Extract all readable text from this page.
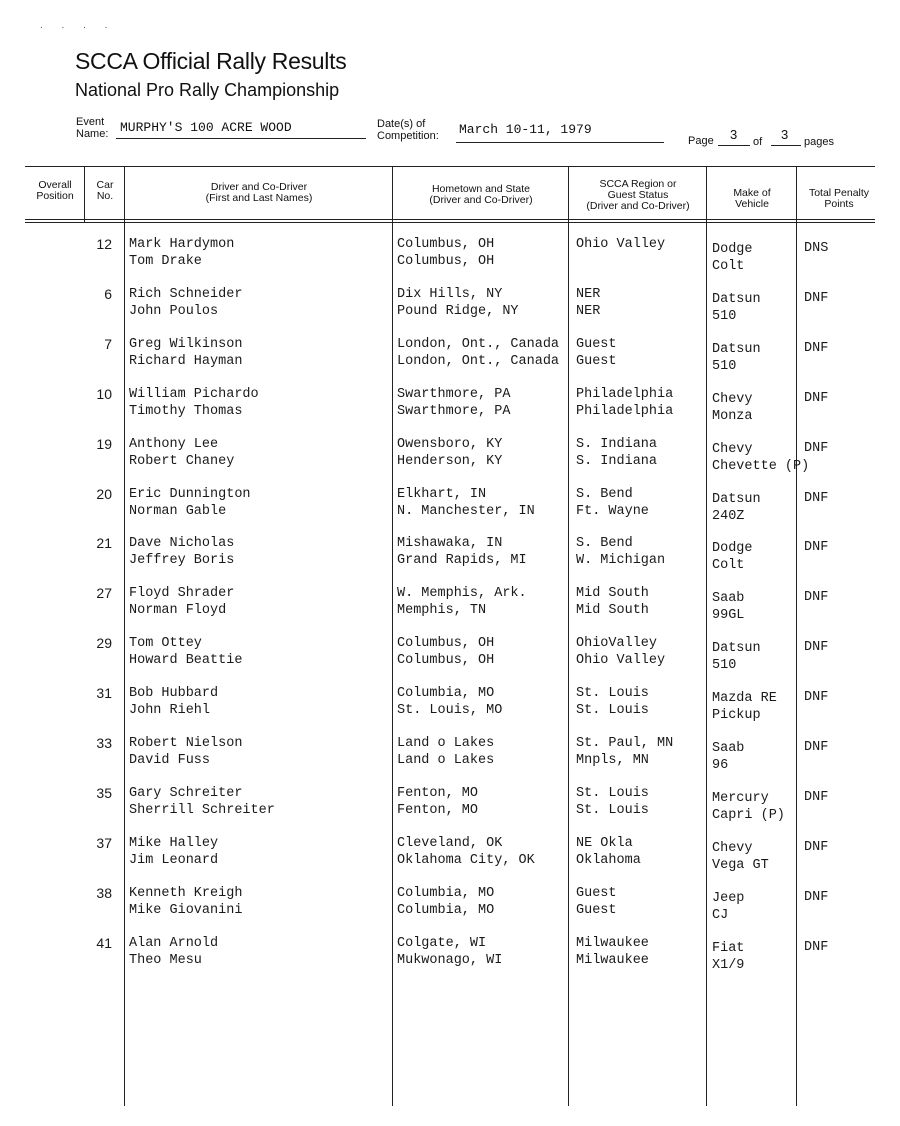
. . . .
SCCA Official Rally Results
National Pro Rally Championship
Event
Name: MURPHY'S 100 ACRE WOOD	Date(s) of
Competition: March 10-11, 1979
Page 3 of 3 pages
Overall
Position
Car
No.
Driver and Co-Driver
(First and Last Names)
Hometown and State
(Driver and Co-Driver)
SCCA Region or
Guest Status
(Driver and Co-Driver)
Make of
Vehicle
Total Penalty
Points
12 Mark Hardymon
Tom Drake
Columbus, OH
Columbus, OH
Ohio Valley	Dodge
Colt
DNS
6 Rich Schneider
John Poulos
Dix Hills, NY
Pound Ridge, NY
NER
NER
Datsun
510
DNF
7 Greg Wilkinson
Richard Hayman
London, Ont., Canada
London, Ont., Canada
Guest
Guest
Datsun
510
DNF
10 William Pichardo
Timothy Thomas
Swarthmore, PA
Swarthmore, PA
Philadelphia
Philadelphia
Chevy
Monza
DNF
19 Anthony Lee
Robert Chaney
Owensboro, KY
Henderson, KY
S. Indiana
S. Indiana
Chevy
Chevette (P)
DNF
20 Eric Dunnington
Norman Gable
Elkhart, IN
N. Manchester, IN
S. Bend
Ft. Wayne
Datsun
240Z
DNF
21 Dave Nicholas
Jeffrey Boris
Mishawaka, IN
Grand Rapids, MI
S. Bend
W. Michigan
Dodge
Colt
DNF
27 Floyd Shrader
Norman Floyd
W. Memphis, Ark.
Memphis, TN
Mid South
Mid South
Saab
99GL
DNF
29 Tom Ottey
Howard Beattie
Columbus, OH
Columbus, OH
OhioValley
Ohio Valley
Datsun
510
DNF
31 Bob Hubbard
John Riehl
Columbia, MO
St. Louis, MO
St. Louis
St. Louis
Mazda RE
Pickup
DNF
33 Robert Nielson
David Fuss
Land o Lakes
Land o Lakes
St. Paul, MN
Mnpls, MN
Saab
96
DNF
35 Gary Schreiter
Sherrill Schreiter
Fenton, MO
Fenton, MO
St. Louis
St. Louis
Mercury
Capri (P)
DNF
37 Mike Halley
Jim Leonard
Cleveland, OK
Oklahoma City, OK
NE Okla
Oklahoma
Chevy
Vega GT
DNF
38 Kenneth Kreigh
Mike Giovanini
Columbia, MO
Columbia, MO
Guest
Guest
Jeep
CJ
DNF
41 Alan Arnold
Theo Mesu
Colgate, WI
Mukwonago, WI
Milwaukee
Milwaukee
Fiat
X1/9
DNF
